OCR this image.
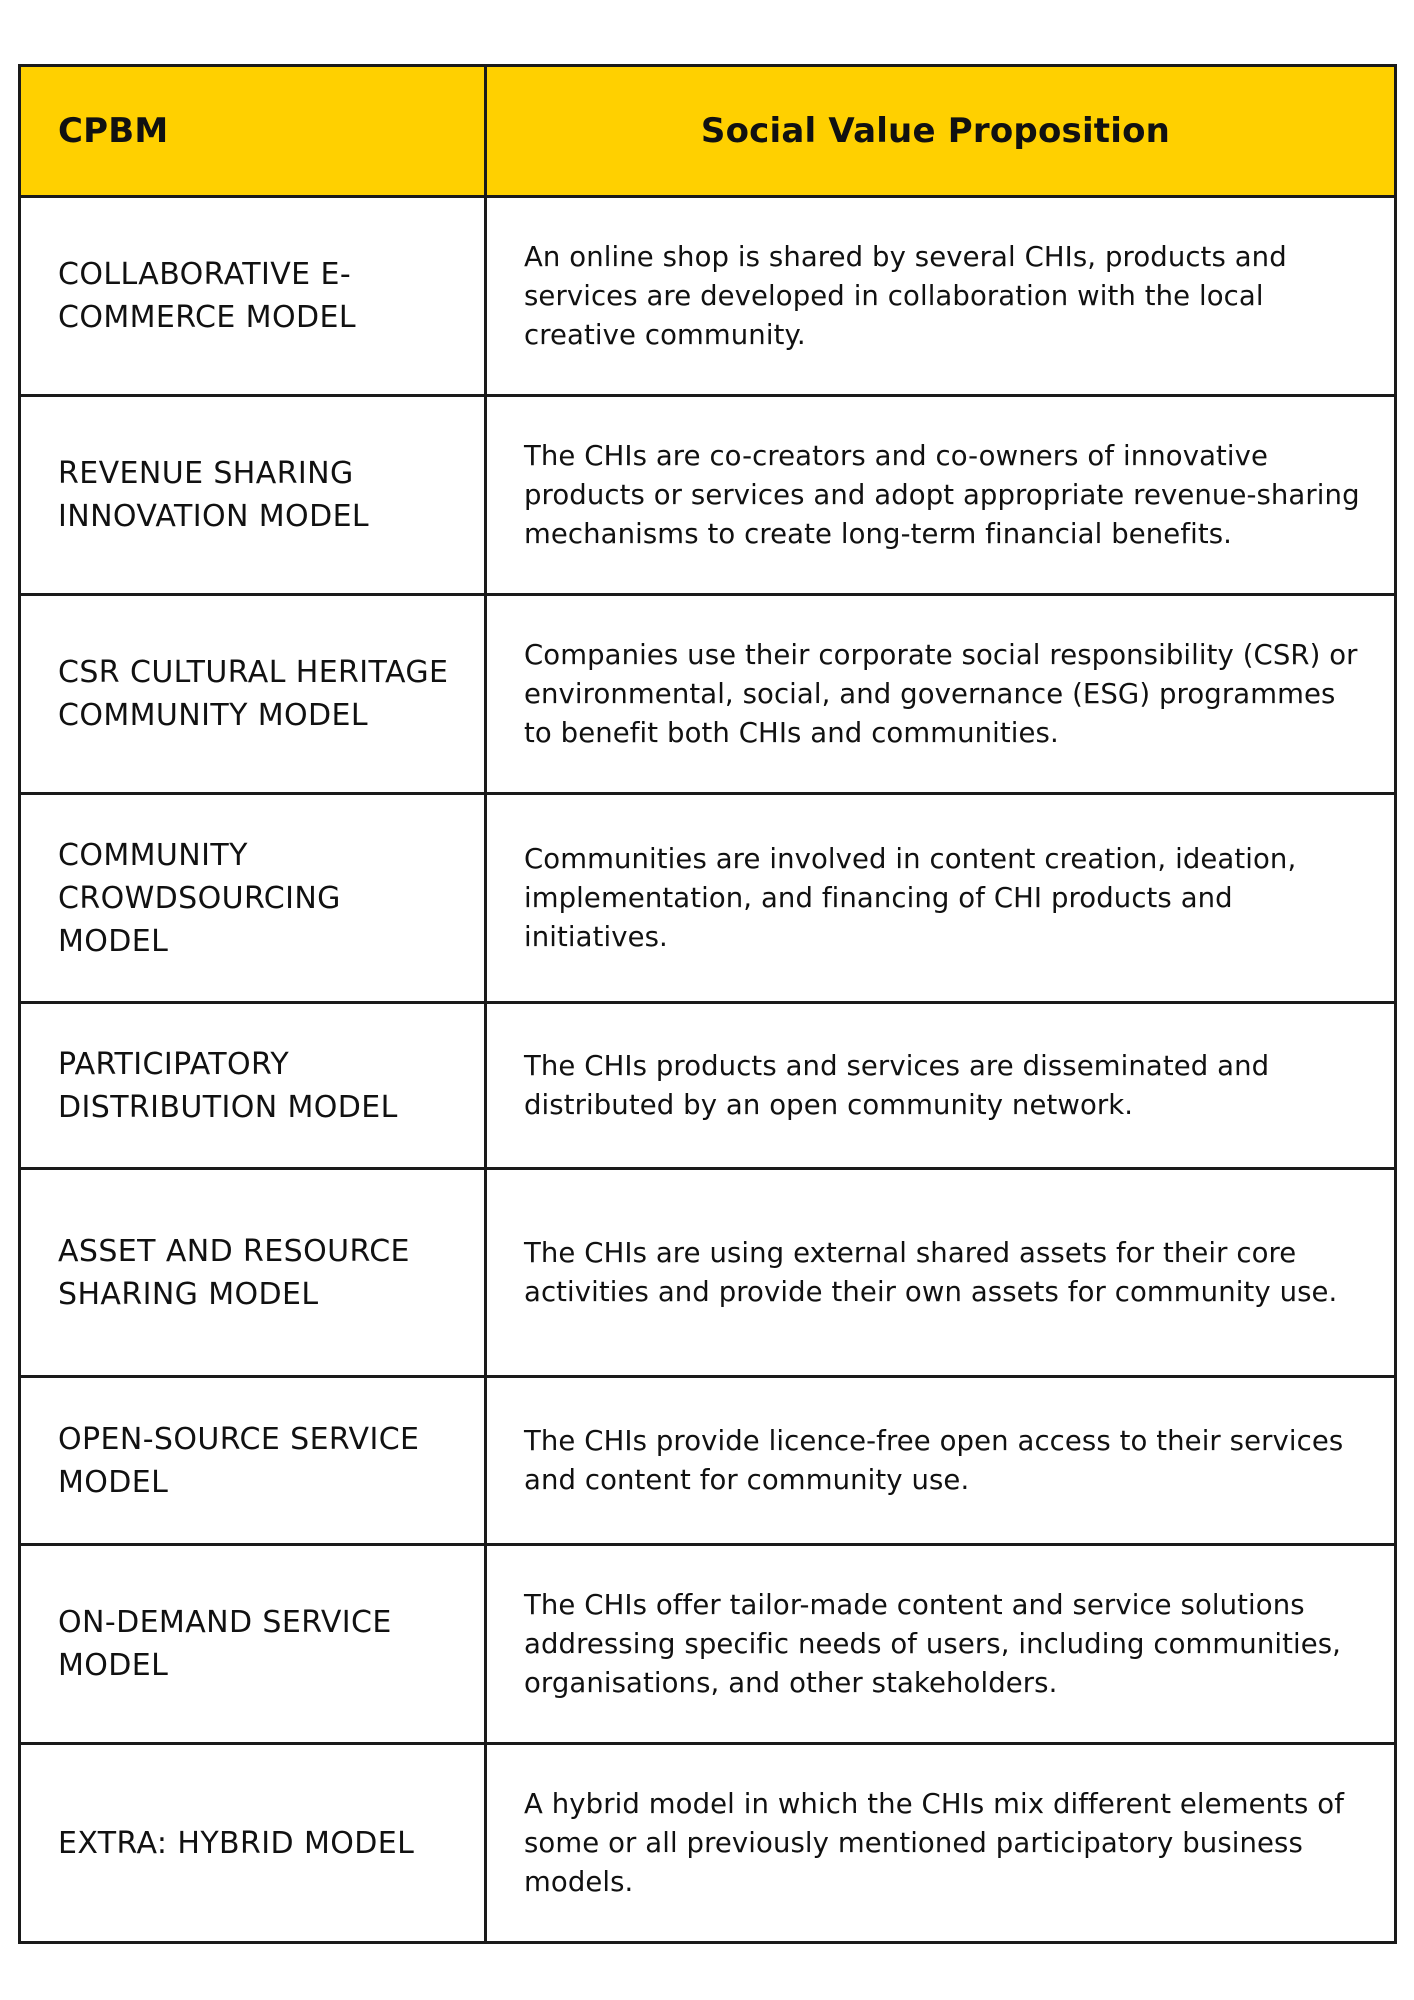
CPBM	Social Value Proposition
COLLABORATIVE E-COMMERCE MODEL	An online shop is shared by several CHIs, products and services are developed in collaboration with the local creative community.
REVENUE SHARING INNOVATION MODEL	The CHIs are co-creators and co-owners of innovative products or services and adopt appropriate revenue-sharing mechanisms to create long-term financial benefits.
CSR CULTURAL HERITAGE COMMUNITY MODEL	Companies use their corporate social responsibility (CSR) or environmental, social, and governance (ESG) programmes to benefit both CHIs and communities.
COMMUNITY CROWDSOURCING MODEL	Communities are involved in content creation, ideation, implementation, and financing of CHI products and initiatives.
PARTICIPATORY DISTRIBUTION MODEL	The CHIs products and services are disseminated and distributed by an open community network.
ASSET AND RESOURCE SHARING MODEL	The CHIs are using external shared assets for their core activities and provide their own assets for community use.
OPEN-SOURCE SERVICE MODEL	The CHIs provide licence-free open access to their services and content for community use.
ON-DEMAND SERVICE MODEL	The CHIs offer tailor-made content and service solutions addressing specific needs of users, including communities, organisations, and other stakeholders.
EXTRA: HYBRID MODEL	A hybrid model in which the CHIs mix different elements of some or all previously mentioned participatory business models.
